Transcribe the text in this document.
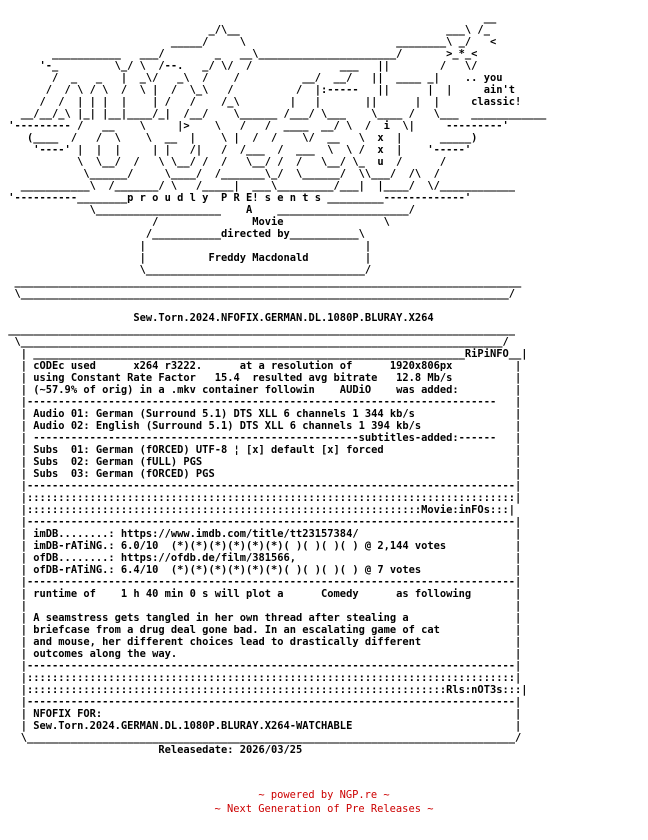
__
_/\__                                 ___\ /_
_____/     \                        ________\ _/   <
___________   ___/        _   __\______________________/       >_*_<
'-_         \_/ \  /--.   _/ \/  /              ___   ||        /   \/
/  _   _   |  _\/   _\  /    /          __/  __/   ||  ____ _|    .. you
/  / \ / \  /  \ |  /  \_\   /          /  |:-----   ||      |  |     ain't
/  /  | | |  |    | /   /    /_\        |   |       ||      |  |     classic!
__/__/_\ |_| |__|____/_|  /__/    \______ /___/ \___    \____ /   \___  ____________
'--------- /   __    \     |>    \   /   /  ____  __/ \  /  i  \|     ---------'
(____  /   /  \    \  __  |    \ |  /  /    \/  __   \  x  |      _____)
'----' |  |  |     | |   /|   /  /___  /  ___  \  \ /  x  |    '-----'
\  \__/  /   \ \__/ /  /   \__/ /  /   \__/ \_  u  /      /
\______/     \____/  /_______\_/  \______/  \\___/  /\  /
___________\  /_______/ \   /_____|  ___\_________/___|  |____/  \/____________
'----------________p r o u d l y  P R E! s e n t s _________-------------'
\____________________    A    _____________________/
/               Movie                \
/___________directed by___________\
|                                   |
|          Freddy Macdonald         |
\___________________________________/
_________________________________________________________________________________
\______________________________________________________________________________/

Sew.Torn.2024.NFOFIX.GERMAN.DL.1080P.BLURAY.X264
_________________________________________________________________________________
\_____________________________________________________________________________/
| _____________________________________________________________________RiPiNFO__|
| cODEc used      x264 r3222.      at a resolution of      1920x806px          |
| using Constant Rate Factor   15.4  resulted avg bitrate   12.8 Mb/s          |
| (~57.9% of orig) in a .mkv container followin    AUDiO    was added:         |
|---------------------------------------------------------------------------   |
| Audio 01: German (Surround 5.1) DTS XLL 6 channels 1 344 kb/s                |
| Audio 02: English (Surround 5.1) DTS XLL 6 channels 1 394 kb/s               |
| ----------------------------------------------------subtitles-added:------   |
| Subs  01: German (fORCED) UTF-8 ¦ [x] default [x] forced                     |
| Subs  02: German (fULL) PGS                                                  |
| Subs  03: German (fORCED) PGS                                                |
|------------------------------------------------------------------------------|
|::::::::::::::::::::::::::::::::::::::::::::::::::::::::::::::::::::::::::::::|
|:::::::::::::::::::::::::::::::::::::::::::::::::::::::::::::::Movie:inFOs:::|
|------------------------------------------------------------------------------|
| imDB........: https://www.imdb.com/title/tt23157384/                         |
| imDB-rATiNG.: 6.0/10  (*)(*)(*)(*)(*)(*)( )( )( )( ) @ 2,144 votes           |
| ofDB........: https://ofdb.de/film/381566,                                   |
| ofDB-rATiNG.: 6.4/10  (*)(*)(*)(*)(*)(*)( )( )( )( ) @ 7 votes               |
|------------------------------------------------------------------------------|
| runtime of    1 h 40 min 0 s will plot a      Comedy      as following       |
|                                                                              |
| A seamstress gets tangled in her own thread after stealing a                 |
| briefcase from a drug deal gone bad. In an escalating game of cat            |
| and mouse, her different choices lead to drastically different               |
| outcomes along the way.                                                      |
|------------------------------------------------------------------------------|
|::::::::::::::::::::::::::::::::::::::::::::::::::::::::::::::::::::::::::::::|
|:::::::::::::::::::::::::::::::::::::::::::::::::::::::::::::::::::Rls:nOT3s:::|
|------------------------------------------------------------------------------|
| NFOFIX FOR:                                                                  |
| Sew.Torn.2024.GERMAN.DL.1080P.BLURAY.X264-WATCHABLE                          |
\______________________________________________________________________________/
Releasedate: 2026/03/25
~ powered by NGP.re ~
~ Next Generation of Pre Releases ~
